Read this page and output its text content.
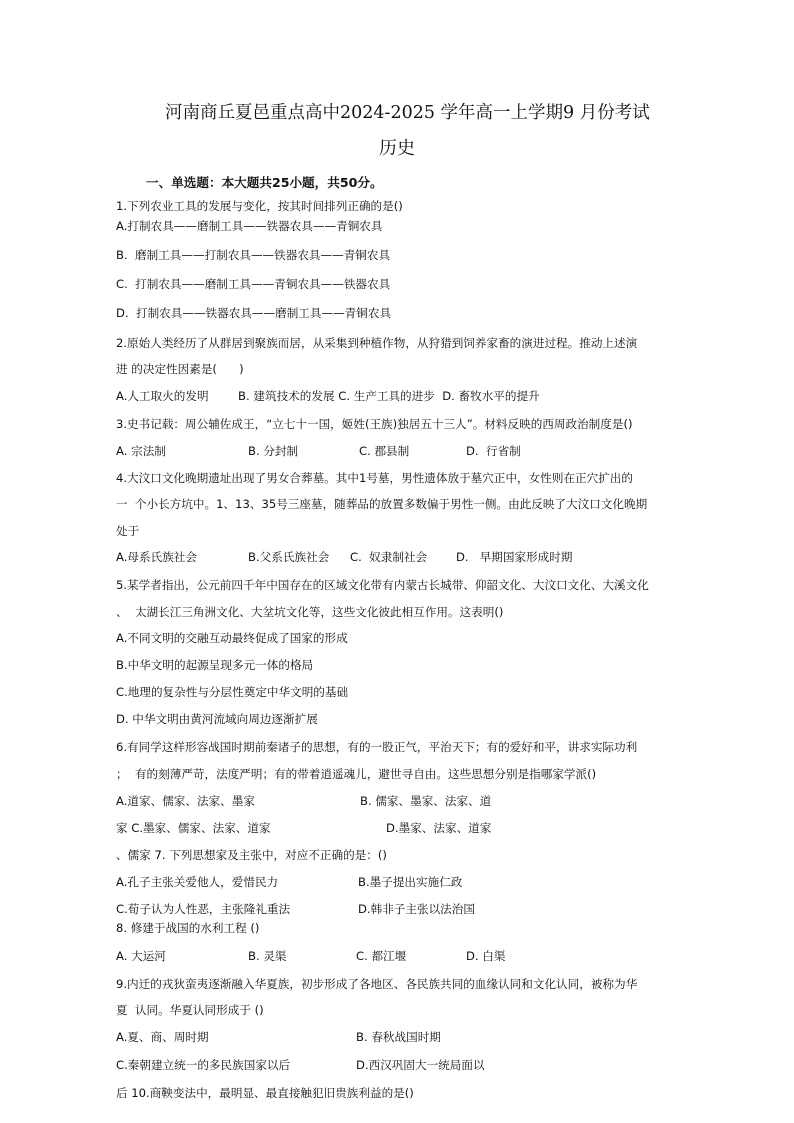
河南商丘夏邑重点高中2024-2025 学年高一上学期9 月份考试
历史
一、单选题：本大题共25小题，共50分。
1.下列农业工具的发展与变化，按其时间排列正确的是()
A.打制农具——磨制工具——铁器农具——青铜农具
B.  磨制工具——打制农具——铁器农具——青铜农具
C.  打制农具——磨制工具——青铜农具——铁器农具
D.  打制农具——铁器农具——磨制工具——青铜农具
2.原始人类经历了从群居到聚族而居，从采集到种植作物，从狩猎到饲养家畜的演进过程。推动上述演
进 的决定性因素是(      )
A.人工取火的发明        B. 建筑技术的发展 C. 生产工具的进步  D. 畜牧水平的提升
3.史书记载：周公辅佐成王，“立七十一国，姬姓(王族)独居五十三人”。材料反映的西周政治制度是()
A. 宗法制	B. 分封制	C. 郡县制	D.  行省制
4.大汶口文化晚期遗址出现了男女合葬墓。其中1号墓，男性遗体放于墓穴正中，女性则在正穴扩出的
一  个小长方坑中。1、13、35号三座墓，随葬品的放置多数偏于男性一侧。由此反映了大汶口文化晚期
处于
A.母系氏族社会	B.父系氏族社会 C.  奴隶制社会 D.   早期国家形成时期
5.某学者指出，公元前四千年中国存在的区域文化带有内蒙古长城带、仰韶文化、大汶口文化、大溪文化
、  太湖长江三角洲文化、大坌坑文化等，这些文化彼此相互作用。这表明()
A.不同文明的交融互动最终促成了国家的形成
B.中华文明的起源呈现多元一体的格局
C.地理的复杂性与分层性奠定中华文明的基础
D. 中华文明由黄河流域向周边逐渐扩展
6.有同学这样形容战国时期前秦诸子的思想，有的一股正气，平治天下；有的爱好和平，讲求实际功利
；  有的刻薄严苛，法度严明；有的带着逍遥魂儿，避世寻自由。这些思想分别是指哪家学派()
A.道家、儒家、法家、墨家	B. 儒家、墨家、法家、道
家 C.墨家、儒家、法家、道家	D.墨家、法家、道家
、儒家 7. 下列思想家及主张中，对应不正确的是：()
A.孔子主张关爱他人，爱惜民力	B.墨子提出实施仁政
C.荀子认为人性恶，主张隆礼重法	D.韩非子主张以法治国
8. 修建于战国的水利工程 ()
A. 大运河	B. 灵渠	C. 都江堰	D. 白渠
9.内迁的戎狄蛮夷逐渐融入华夏族，初步形成了各地区、各民族共同的血缘认同和文化认同，被称为华
夏  认同。华夏认同形成于 ()
A.夏、商、周时期	B. 春秋战国时期
C.秦朝建立统一的多民族国家以后	D.西汉巩固大一统局面以
后 10.商鞅变法中，最明显、最直接触犯旧贵族利益的是()
